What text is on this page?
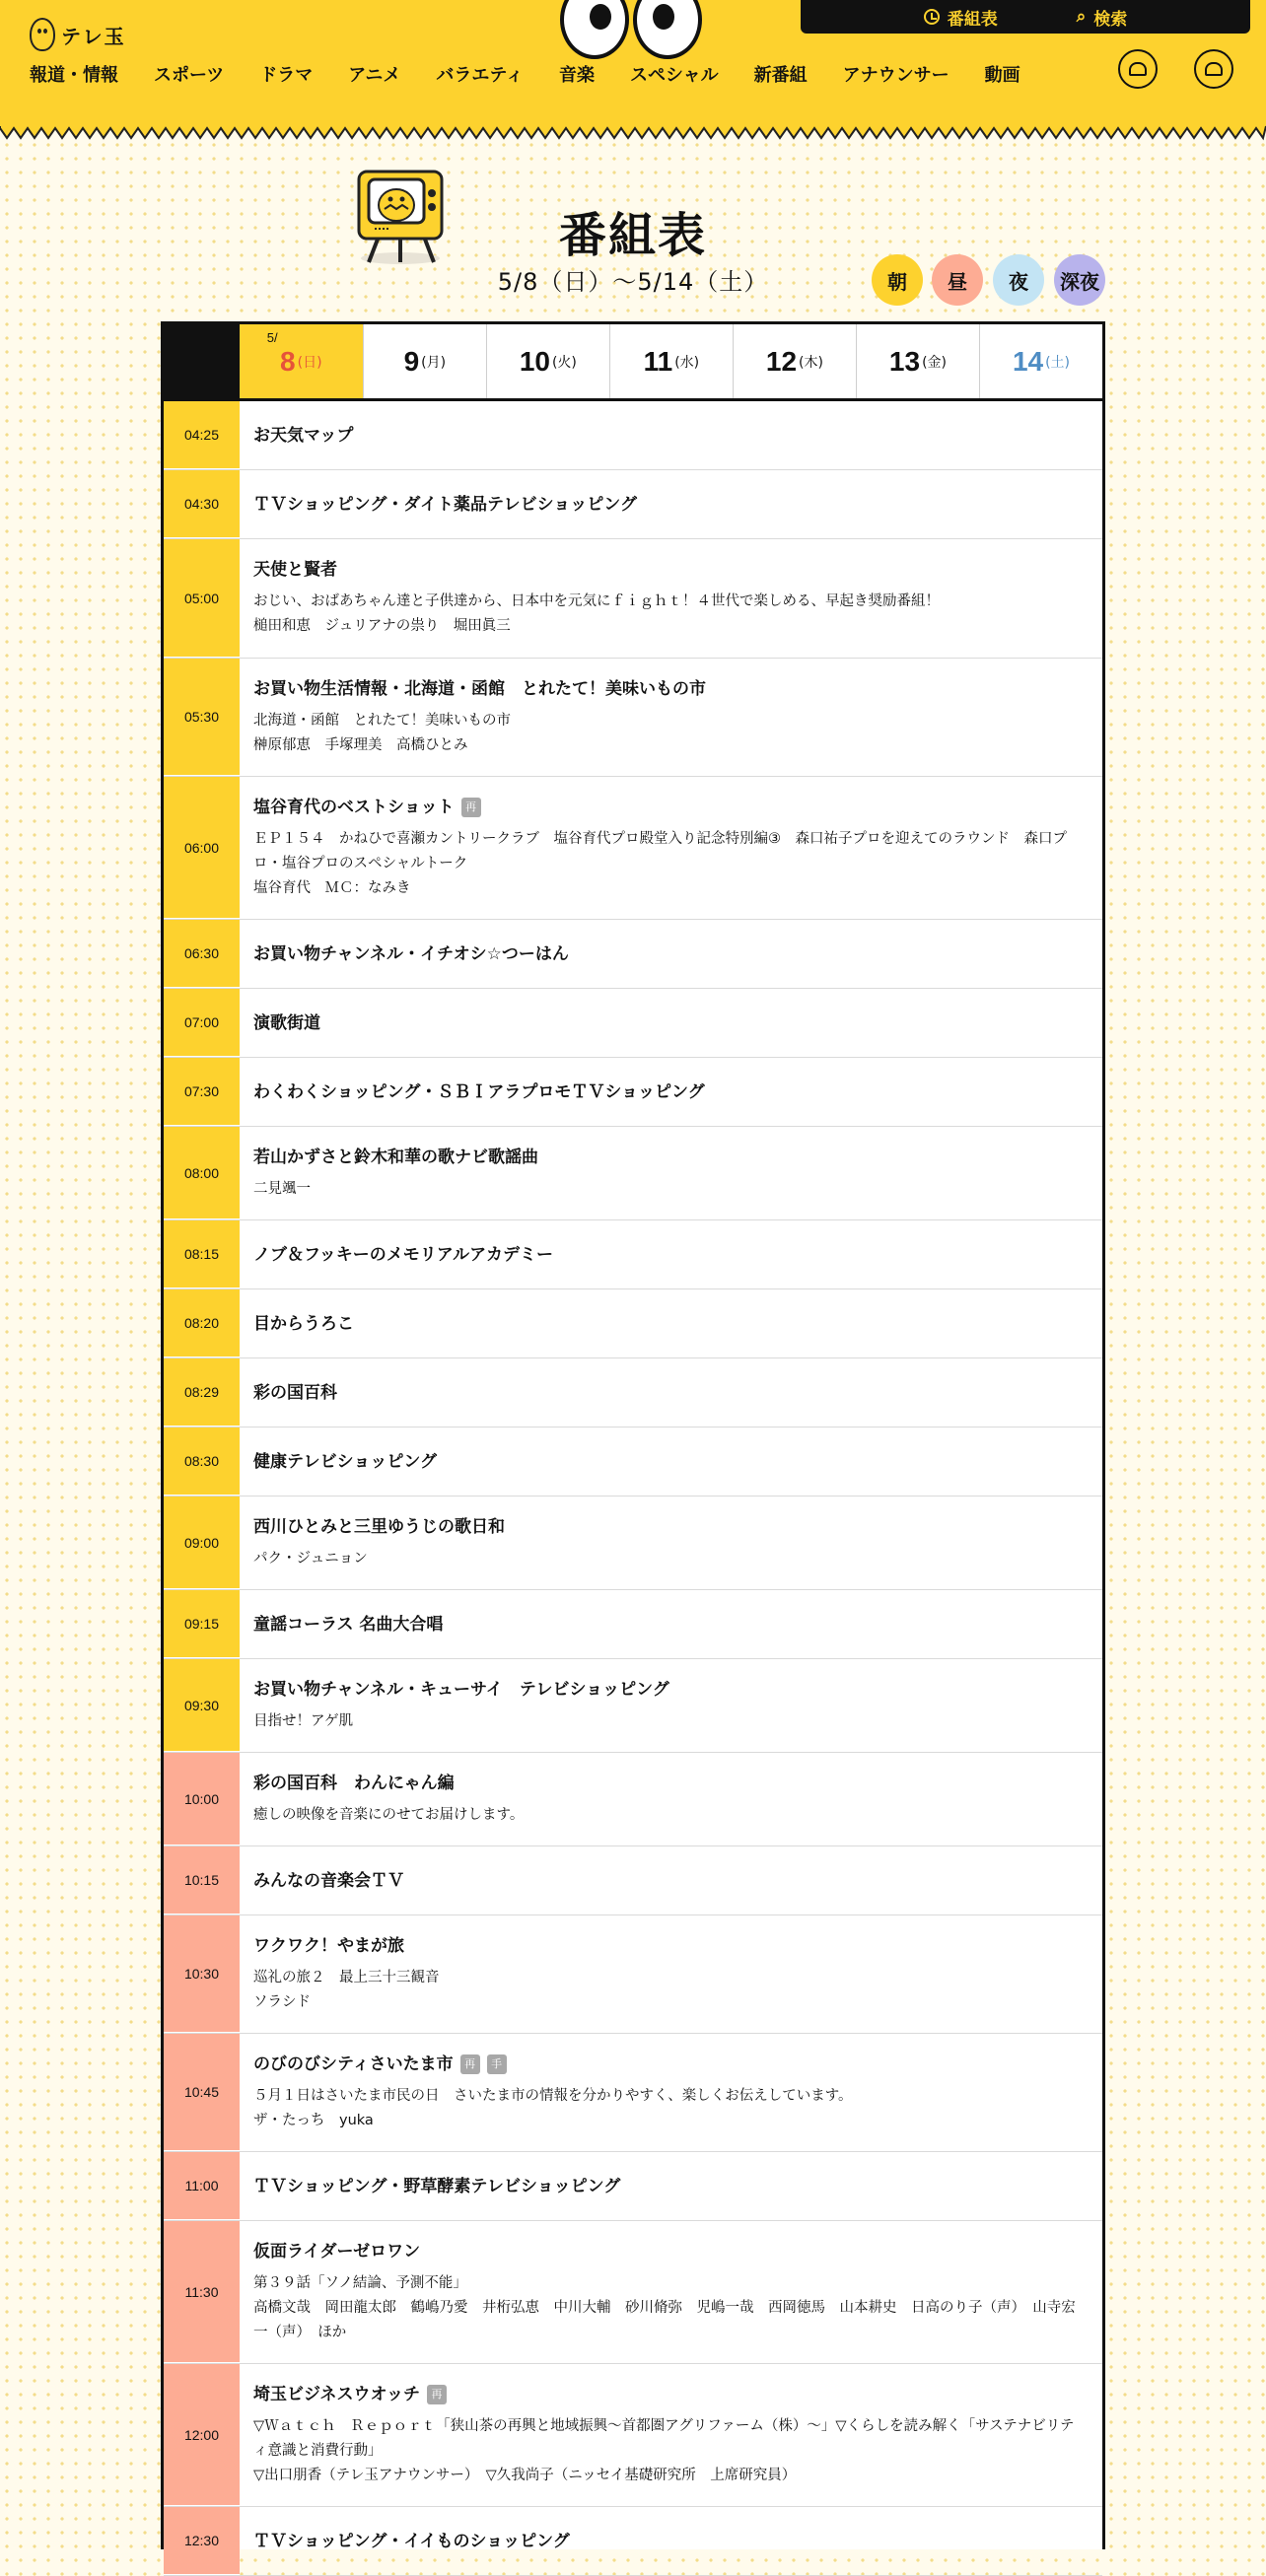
テレ玉
番組表	⌕ 検索
報道・情報 スポーツ ドラマ アニメ バラエティ 音楽 スペシャル 新番組 アナウンサー 動画
番組表
5/8（日）〜5/14（土）	朝	昼	夜	深夜
5/
8 (日)	9 (月)	10 (火) 11 (水) 12 (木) 13 (金) 14 (土)
04:25	お天気マップ
04:30	ＴＶショッピング・ダイト薬品テレビショッピング
05:00
天使と賢者
おじい、おばあちゃん達と子供達から、日本中を元気にｆｉｇｈｔ！４世代で楽しめる、早起き奨励番組！
槌田和恵　ジュリアナの祟り　堀田眞三
05:30
お買い物生活情報・北海道・函館　とれたて！美味いもの市
北海道・函館　とれたて！美味いもの市
榊原郁恵　手塚理美　高橋ひとみ
06:00
塩谷育代のベストショット	再
ＥＰ１５４　かねひで喜瀬カントリークラブ　塩谷育代プロ殿堂入り記念特別編③　森口祐子プロを迎えてのラウンド　森口プロ・塩谷プロのスペシャルトーク
塩谷育代　ＭＣ：なみき
06:30	お買い物チャンネル・イチオシ☆つーはん
07:00	演歌街道
07:30	わくわくショッピング・ＳＢＩアラプロモＴＶショッピング
08:00
若山かずさと鈴木和華の歌ナビ歌謡曲
二見颯一
08:15	ノブ＆フッキーのメモリアルアカデミー
08:20	目からうろこ
08:29	彩の国百科
08:30	健康テレビショッピング
09:00
西川ひとみと三里ゆうじの歌日和
パク・ジュニョン
09:15	童謡コーラス 名曲大合唱
09:30
お買い物チャンネル・キューサイ　テレビショッピング
目指せ！アゲ肌
10:00
彩の国百科　わんにゃん編
癒しの映像を音楽にのせてお届けします。
10:15	みんなの音楽会ＴＶ
10:30
ワクワク！やまが旅
巡礼の旅２　最上三十三観音
ソラシド
10:45
のびのびシティさいたま市	再	手
５月１日はさいたま市民の日　さいたま市の情報を分かりやすく、楽しくお伝えしています。
ザ・たっち　yuka
11:00	ＴＶショッピング・野草酵素テレビショッピング
11:30
仮面ライダーゼロワン
第３９話「ソノ結論、予測不能」
高橋文哉　岡田龍太郎　鶴嶋乃愛　井桁弘恵　中川大輔　砂川脩弥　児嶋一哉　西岡徳馬　山本耕史　日高のり子（声）　山寺宏一（声）　ほか
12:00
埼玉ビジネスウオッチ	再
▽Ｗａｔｃｈ　Ｒｅｐｏｒｔ「狭山茶の再興と地域振興～首都圏アグリファーム（株）～」▽くらしを読み解く「サステナビリティ意識と消費行動」
▽出口朋香（テレ玉アナウンサー）　▽久我尚子（ニッセイ基礎研究所　上席研究員）
12:30	ＴＶショッピング・イイものショッピング
